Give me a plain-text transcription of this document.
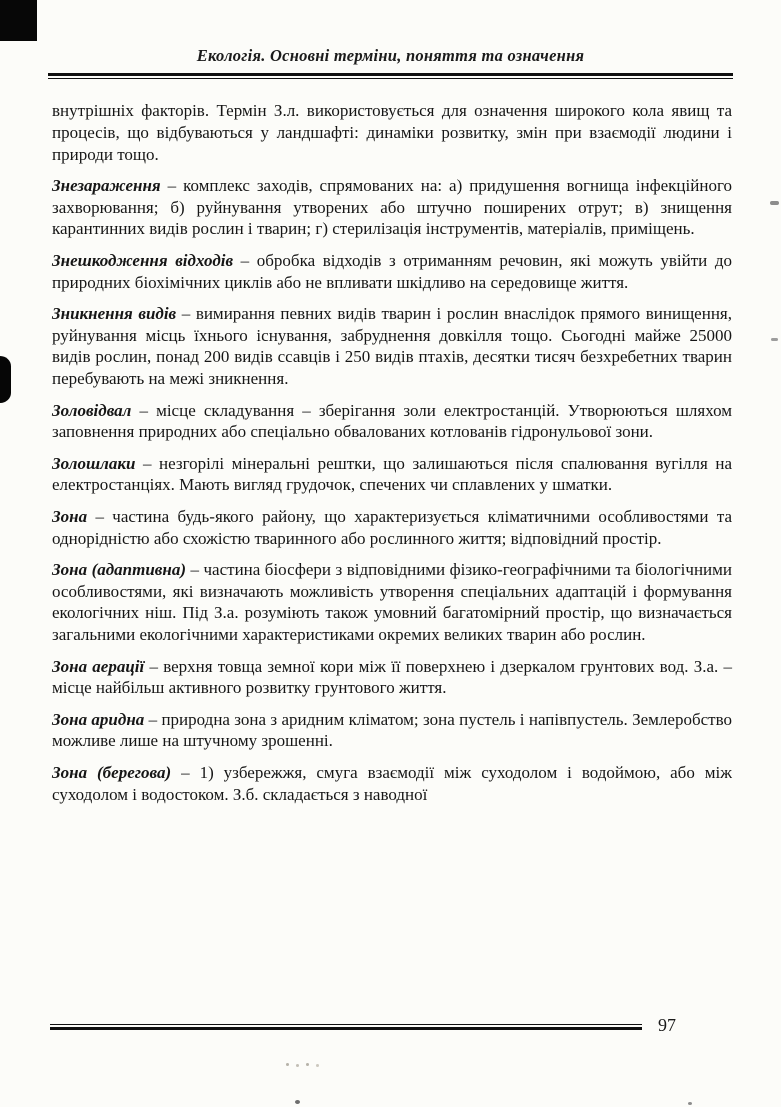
Екологія. Основні терміни, поняття та означення

внутрішніх факторів. Термін З.л. використовується для означення широкого кола явищ та процесів, що відбуваються у ландшафті: динаміки розвитку, змін при взаємодії людини і природи тощо.

Знезараження – комплекс заходів, спрямованих на: а) придушення вогнища інфекційного захворювання; б) руйнування утворених або штучно поширених отрут; в) знищення карантинних видів рослин і тварин; г) стерилізація інструментів, матеріалів, приміщень.

Знешкодження відходів – обробка відходів з отриманням речовин, які можуть увійти до природних біохімічних циклів або не впливати шкідливо на середовище життя.

Зникнення видів – вимирання певних видів тварин і рослин внаслідок прямого винищення, руйнування місць їхнього існування, забруднення довкілля тощо. Сьогодні майже 25000 видів рослин, понад 200 видів ссавців і 250 видів птахів, десятки тисяч безхребетних тварин перебувають на межі зникнення.

Золовідвал – місце складування – зберігання золи електростанцій. Утворюються шляхом заповнення природних або спеціально обвалованих котлованів гідронульової зони.

Золошлаки – незгорілі мінеральні рештки, що залишаються після спалювання вугілля на електростанціях. Мають вигляд грудочок, спечених чи сплавлених у шматки.

Зона – частина будь-якого району, що характеризується кліматичними особливостями та однорідністю або схожістю тваринного або рослинного життя; відповідний простір.

Зона (адаптивна) – частина біосфери з відповідними фізико-географічними та біологічними особливостями, які визначають можливість утворення спеціальних адаптацій і формування екологічних ніш. Під З.а. розуміють також умовний багатомірний простір, що визначається загальними екологічними характеристиками окремих великих тварин або рослин.

Зона аерації – верхня товща земної кори між її поверхнею і дзеркалом грунтових вод. З.а. – місце найбільш активного розвитку грунтового життя.

Зона аридна – природна зона з аридним кліматом; зона пустель і напівпустель. Землеробство можливе лише на штучному зрошенні.

Зона (берегова) – 1) узбережжя, смуга взаємодії між суходолом і водоймою, або між суходолом і водостоком. З.б. складається з наводної

97
